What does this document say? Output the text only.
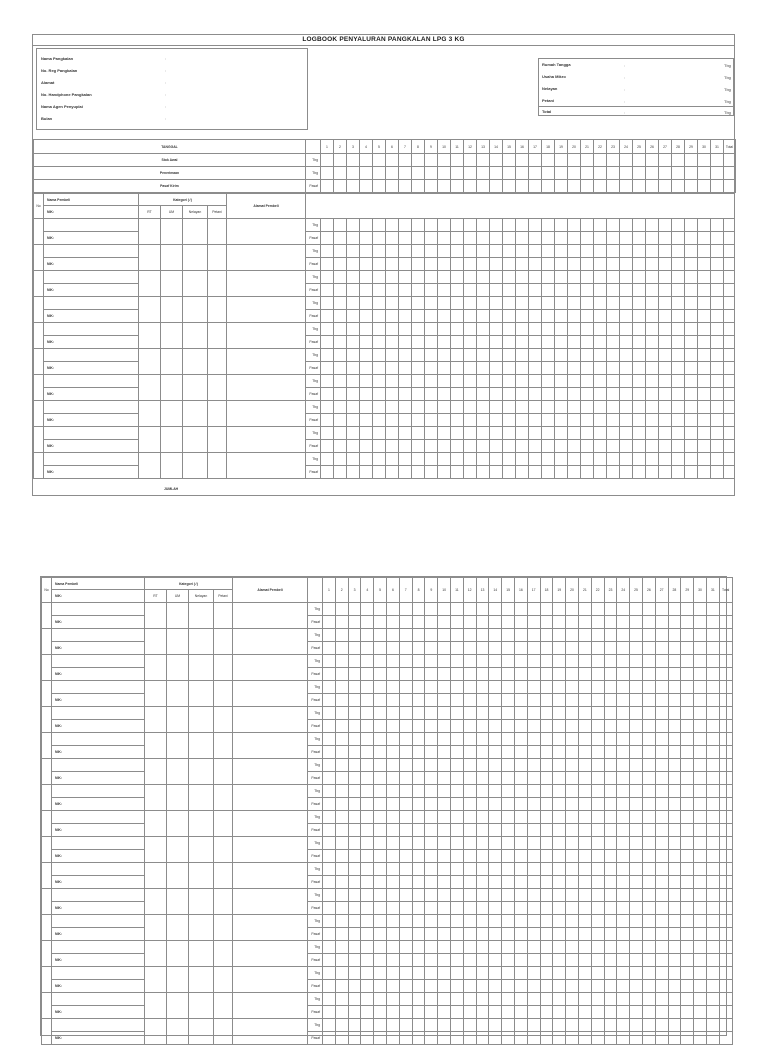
LOGBOOK PENYALURAN PANGKALAN LPG 3 KG
Nama Pangkalan	:
No. Reg Pangkalan	:
Alamat	:
No. Handphone Pangkalan	:
Nama Agen Penyuplai	:
Bulan	:
Rumah Tangga	:	Tbg
Usaha Mikro	:	Tbg
Nelayan	:	Tbg
Petani	:	Tbg
Total	:	Tbg
TANGGAL		1	2	3	4	5	6	7	8	9	10	11	12	13	14	15	16	17	18	19	20	21	22	23	24	25	26	27	28	29	30	31	Total
Stok Awal	Tbg																																
Penerimaan	Tbg																																
Pasaf Kirim	Pasaf																																
No	Nama Pembeli	Kategori (√)				Alamat Pembeli																																	
	NIK:	RT	UM	Nelayan	Petani																																		
							Tbg																																
	NIK:						Pasaf																																
							Tbg																																
	NIK:						Pasaf																																
							Tbg																																
	NIK:						Pasaf																																
							Tbg																																
	NIK:						Pasaf																																
							Tbg																																
	NIK:						Pasaf																																
							Tbg																																
	NIK:						Pasaf																																
							Tbg																																
	NIK:						Pasaf																																
							Tbg																																
	NIK:						Pasaf																																
							Tbg																																
	NIK:						Pasaf																																
							Tbg																																
	NIK:						Pasaf																																
JUMLAH
No	Nama Pembeli	Kategori (√)				Alamat Pembeli		1	2	3	4	5	6	7	8	9	10	11	12	13	14	15	16	17	18	19	20	21	22	23	24	25	26	27	28	29	30	31	Total
	NIK:	RT	UM	Nelayan	Petani																																		
							Tbg																																
	NIK:						Pasaf																																
							Tbg																																
	NIK:						Pasaf																																
							Tbg																																
	NIK:						Pasaf																																
							Tbg																																
	NIK:						Pasaf																																
							Tbg																																
	NIK:						Pasaf																																
							Tbg																																
	NIK:						Pasaf																																
							Tbg																																
	NIK:						Pasaf																																
							Tbg																																
	NIK:						Pasaf																																
							Tbg																																
	NIK:						Pasaf																																
							Tbg																																
	NIK:						Pasaf																																
							Tbg																																
	NIK:						Pasaf																																
							Tbg																																
	NIK:						Pasaf																																
							Tbg																																
	NIK:						Pasaf																																
							Tbg																																
	NIK:						Pasaf																																
							Tbg																																
	NIK:						Pasaf																																
							Tbg																																
	NIK:						Pasaf																																
							Tbg																																
	NIK:						Pasaf																																
